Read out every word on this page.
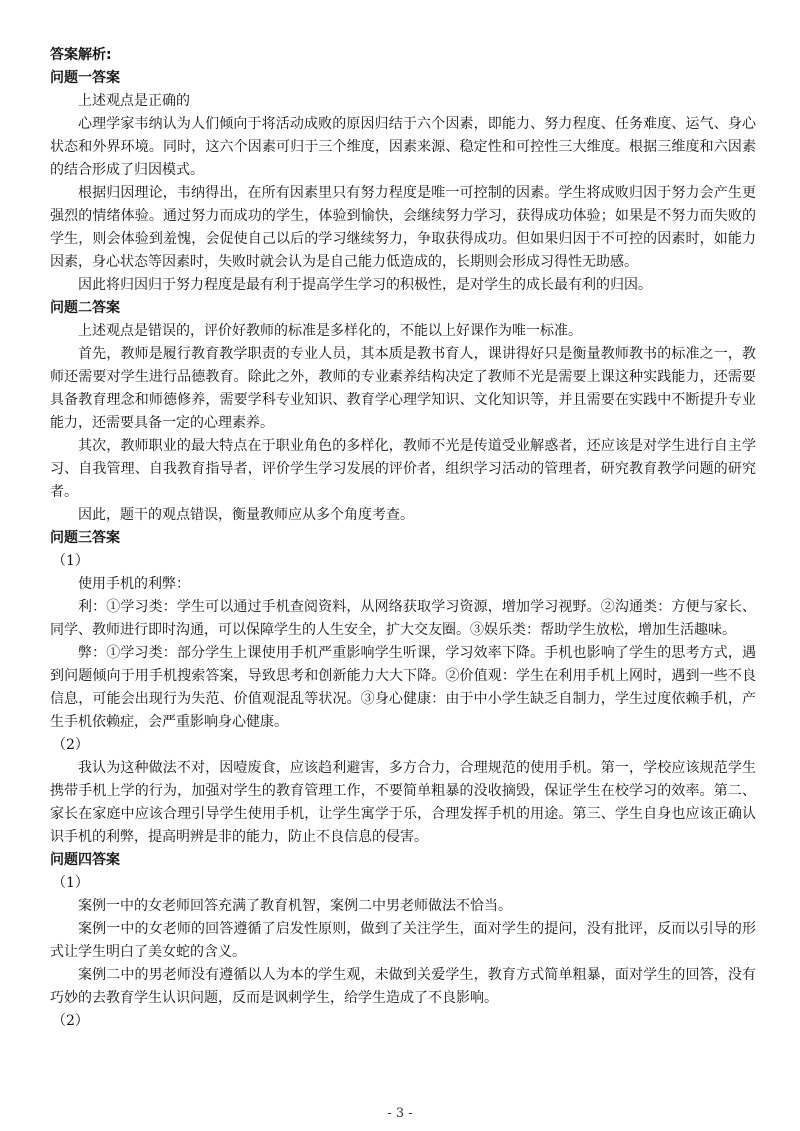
答案解析:
问题一答案

上述观点是正确的

心理学家韦纳认为人们倾向于将活动成败的原因归结于六个因素，即能力、努力程度、任务难度、运气、身心状态和外界环境。同时，这六个因素可归于三个维度，因素来源、稳定性和可控性三大维度。根据三维度和六因素的结合形成了归因模式。

根据归因理论，韦纳得出，在所有因素里只有努力程度是唯一可控制的因素。学生将成败归因于努力会产生更强烈的情绪体验。通过努力而成功的学生，体验到愉快，会继续努力学习，获得成功体验；如果是不努力而失败的学生，则会体验到羞愧，会促使自己以后的学习继续努力，争取获得成功。但如果归因于不可控的因素时，如能力因素，身心状态等因素时，失败时就会认为是自己能力低造成的，长期则会形成习得性无助感。

因此将归因归于努力程度是最有利于提高学生学习的积极性，是对学生的成长最有利的归因。

问题二答案

上述观点是错误的，评价好教师的标准是多样化的，不能以上好课作为唯一标准。

首先，教师是履行教育教学职责的专业人员，其本质是教书育人，课讲得好只是衡量教师教书的标准之一，教师还需要对学生进行品德教育。除此之外，教师的专业素养结构决定了教师不光是需要上课这种实践能力，还需要具备教育理念和师德修养，需要学科专业知识、教育学心理学知识、文化知识等，并且需要在实践中不断提升专业能力，还需要具备一定的心理素养。

其次，教师职业的最大特点在于职业角色的多样化，教师不光是传道受业解惑者，还应该是对学生进行自主学习、自我管理、自我教育指导者，评价学生学习发展的评价者，组织学习活动的管理者，研究教育教学问题的研究者。

因此，题干的观点错误，衡量教师应从多个角度考查。

问题三答案
（1）

使用手机的利弊：

利：①学习类：学生可以通过手机查阅资料，从网络获取学习资源，增加学习视野。②沟通类：方便与家长、同学、教师进行即时沟通，可以保障学生的人生安全，扩大交友圈。③娱乐类：帮助学生放松，增加生活趣味。

弊：①学习类：部分学生上课使用手机严重影响学生听课，学习效率下降。手机也影响了学生的思考方式，遇到问题倾向于用手机搜索答案，导致思考和创新能力大大下降。②价值观：学生在利用手机上网时，遇到一些不良信息，可能会出现行为失范、价值观混乱等状况。③身心健康：由于中小学生缺乏自制力，学生过度依赖手机，产生手机依赖症，会严重影响身心健康。

（2）

我认为这种做法不对，因噎废食，应该趋利避害，多方合力，合理规范的使用手机。第一，学校应该规范学生携带手机上学的行为，加强对学生的教育管理工作，不要简单粗暴的没收摘毁，保证学生在校学习的效率。第二、家长在家庭中应该合理引导学生使用手机，让学生寓学于乐，合理发挥手机的用途。第三、学生自身也应该正确认识手机的利弊，提高明辨是非的能力，防止不良信息的侵害。

问题四答案
（1）

案例一中的女老师回答充满了教育机智，案例二中男老师做法不恰当。

案例一中的女老师的回答遵循了启发性原则，做到了关注学生，面对学生的提问，没有批评，反而以引导的形式让学生明白了美女蛇的含义。

案例二中的男老师没有遵循以人为本的学生观，未做到关爱学生，教育方式简单粗暴，面对学生的回答，没有巧妙的去教育学生认识问题，反而是讽刺学生，给学生造成了不良影响。

（2）
- 3 -
